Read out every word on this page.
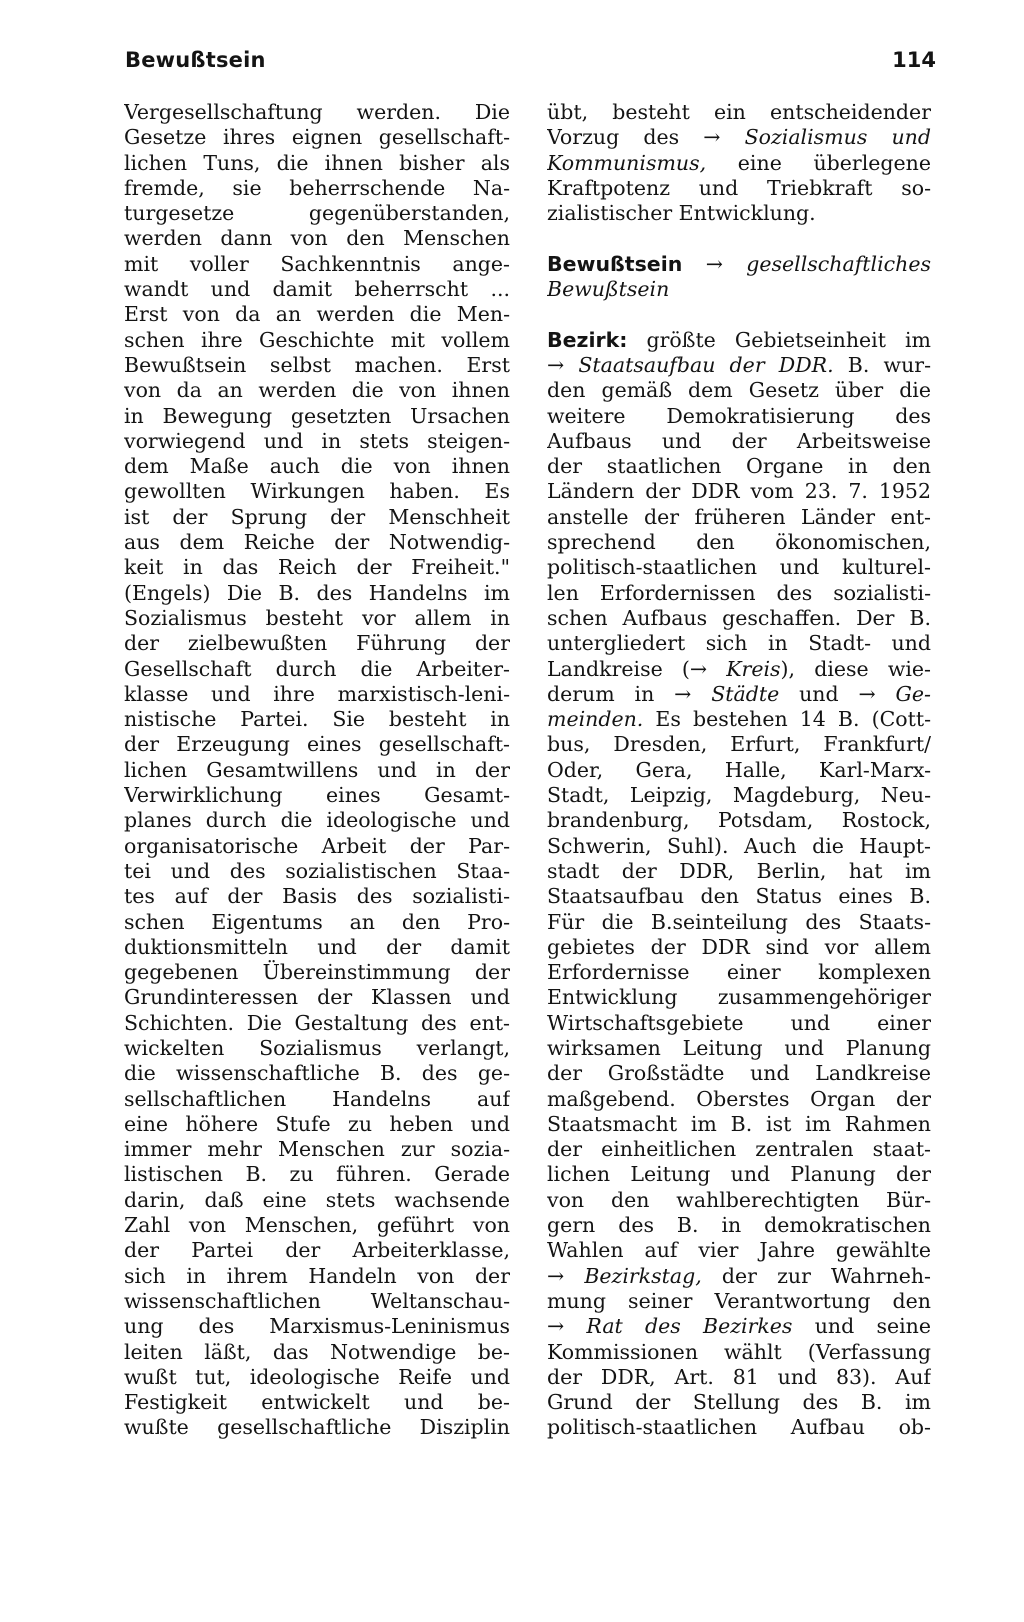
Bewußtsein	114
Vergesellschaftung werden. Die
Gesetze ihres eignen gesellschaft-
lichen Tuns, die ihnen bisher als
fremde, sie beherrschende Na-
turgesetze gegenüberstanden,
werden dann von den Menschen
mit voller Sachkenntnis ange-
wandt und damit beherrscht ...
Erst von da an werden die Men-
schen ihre Geschichte mit vollem
Bewußtsein selbst machen. Erst
von da an werden die von ihnen
in Bewegung gesetzten Ursachen
vorwiegend und in stets steigen-
dem Maße auch die von ihnen
gewollten Wirkungen haben. Es
ist der Sprung der Menschheit
aus dem Reiche der Notwendig-
keit in das Reich der Freiheit."
(Engels) Die B. des Handelns im
Sozialismus besteht vor allem in
der zielbewußten Führung der
Gesellschaft durch die Arbeiter-
klasse und ihre marxistisch-leni-
nistische Partei. Sie besteht in
der Erzeugung eines gesellschaft-
lichen Gesamtwillens und in der
Verwirklichung eines Gesamt-
planes durch die ideologische und
organisatorische Arbeit der Par-
tei und des sozialistischen Staa-
tes auf der Basis des sozialisti-
schen Eigentums an den Pro-
duktionsmitteln und der damit
gegebenen Übereinstimmung der
Grundinteressen der Klassen und
Schichten. Die Gestaltung des ent-
wickelten Sozialismus verlangt,
die wissenschaftliche B. des ge-
sellschaftlichen Handelns auf
eine höhere Stufe zu heben und
immer mehr Menschen zur sozia-
listischen B. zu führen. Gerade
darin, daß eine stets wachsende
Zahl von Menschen, geführt von
der Partei der Arbeiterklasse,
sich in ihrem Handeln von der
wissenschaftlichen Weltanschau-
ung des Marxismus-Leninismus
leiten läßt, das Notwendige be-
wußt tut, ideologische Reife und
Festigkeit entwickelt und be-
wußte gesellschaftliche Disziplin
übt, besteht ein entscheidender
Vorzug des → Sozialismus und
Kommunismus, eine überlegene
Kraftpotenz und Triebkraft so-
zialistischer Entwicklung.
Bewußtsein → gesellschaftliches
Bewußtsein
Bezirk: größte Gebietseinheit im
→ Staatsaufbau der DDR. B. wur-
den gemäß dem Gesetz über die
weitere Demokratisierung des
Aufbaus und der Arbeitsweise
der staatlichen Organe in den
Ländern der DDR vom 23. 7. 1952
anstelle der früheren Länder ent-
sprechend den ökonomischen,
politisch-staatlichen und kulturel-
len Erfordernissen des sozialisti-
schen Aufbaus geschaffen. Der B.
untergliedert sich in Stadt- und
Landkreise (→ Kreis), diese wie-
derum in → Städte und → Ge-
meinden. Es bestehen 14 B. (Cott-
bus, Dresden, Erfurt, Frankfurt/
Oder, Gera, Halle, Karl-Marx-
Stadt, Leipzig, Magdeburg, Neu-
brandenburg, Potsdam, Rostock,
Schwerin, Suhl). Auch die Haupt-
stadt der DDR, Berlin, hat im
Staatsaufbau den Status eines B.
Für die B.seinteilung des Staats-
gebietes der DDR sind vor allem
Erfordernisse einer komplexen
Entwicklung zusammengehöriger
Wirtschaftsgebiete und einer
wirksamen Leitung und Planung
der Großstädte und Landkreise
maßgebend. Oberstes Organ der
Staatsmacht im B. ist im Rahmen
der einheitlichen zentralen staat-
lichen Leitung und Planung der
von den wahlberechtigten Bür-
gern des B. in demokratischen
Wahlen auf vier Jahre gewählte
→ Bezirkstag, der zur Wahrneh-
mung seiner Verantwortung den
→ Rat des Bezirkes und seine
Kommissionen wählt (Verfassung
der DDR, Art. 81 und 83). Auf
Grund der Stellung des B. im
politisch-staatlichen Aufbau ob-
